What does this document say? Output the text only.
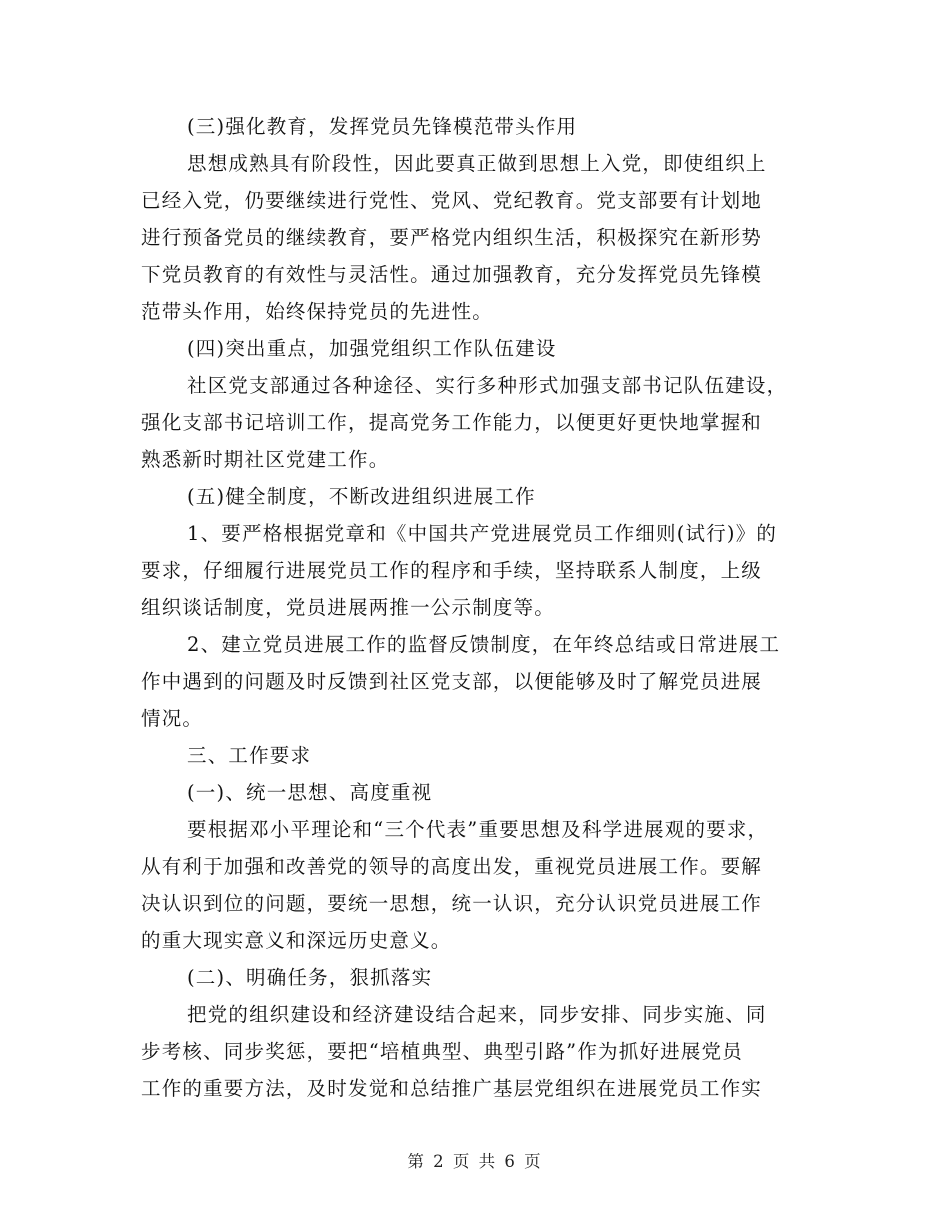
(三)强化教育，发挥党员先锋模范带头作用
思想成熟具有阶段性，因此要真正做到思想上入党，即使组织上
已经入党，仍要继续进行党性、党风、党纪教育。党支部要有计划地
进行预备党员的继续教育，要严格党内组织生活，积极探究在新形势
下党员教育的有效性与灵活性。通过加强教育，充分发挥党员先锋模
范带头作用，始终保持党员的先进性。
(四)突出重点，加强党组织工作队伍建设
社区党支部通过各种途径、实行多种形式加强支部书记队伍建设，
强化支部书记培训工作，提高党务工作能力，以便更好更快地掌握和
熟悉新时期社区党建工作。
(五)健全制度，不断改进组织进展工作
1、要严格根据党章和《中国共产党进展党员工作细则(试行)》的
要求，仔细履行进展党员工作的程序和手续，坚持联系人制度，上级
组织谈话制度，党员进展两推一公示制度等。
2、建立党员进展工作的监督反馈制度，在年终总结或日常进展工
作中遇到的问题及时反馈到社区党支部，以便能够及时了解党员进展
情况。
三、工作要求
(一)、统一思想、高度重视
要根据邓小平理论和“三个代表”重要思想及科学进展观的要求，
从有利于加强和改善党的领导的高度出发，重视党员进展工作。要解
决认识到位的问题，要统一思想，统一认识，充分认识党员进展工作
的重大现实意义和深远历史意义。
(二)、明确任务，狠抓落实
把党的组织建设和经济建设结合起来，同步安排、同步实施、同
步考核、同步奖惩，要把“培植典型、典型引路”作为抓好进展党员
工作的重要方法，及时发觉和总结推广基层党组织在进展党员工作实
第 2 页 共 6 页
